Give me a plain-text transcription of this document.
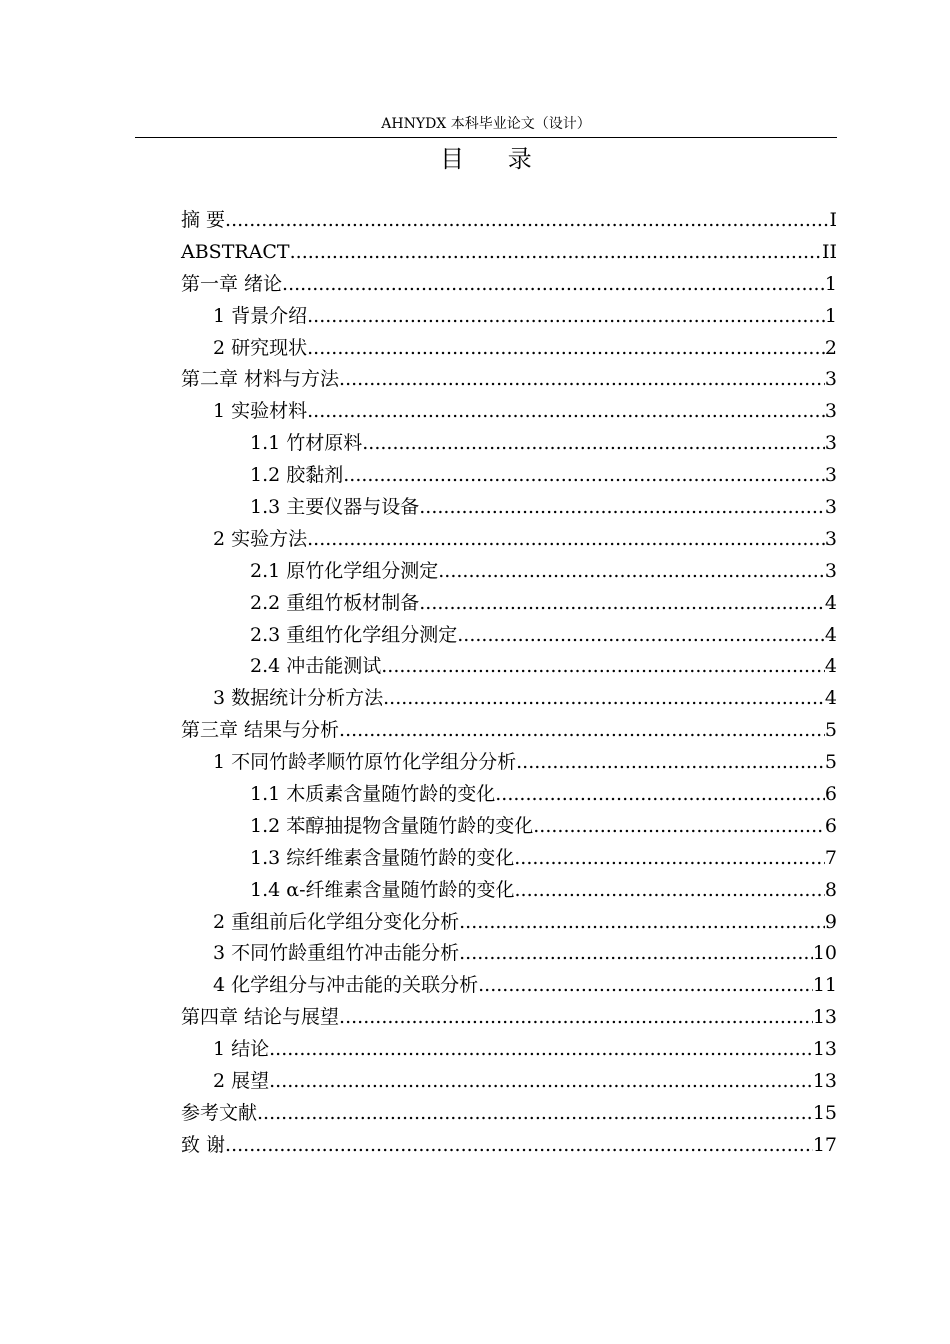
AHNYDX 本科毕业论文（设计）
目 录
摘 要 .....	I
ABSTRACT .....	II
第一章 绪论 .....	1
1 背景介绍 .....	1
2 研究现状 .....	2
第二章 材料与方法 .....	3
1 实验材料 .....	3
1.1 竹材原料 .....	3
1.2 胶黏剂 .....	3
1.3 主要仪器与设备 .....	3
2 实验方法 .....	3
2.1 原竹化学组分测定 .....	3
2.2 重组竹板材制备 .....	4
2.3 重组竹化学组分测定 .....	4
2.4 冲击能测试 .....	4
3 数据统计分析方法 .....	4
第三章 结果与分析 .....	5
1 不同竹龄孝顺竹原竹化学组分分析 .....	5
1.1 木质素含量随竹龄的变化 .....	6
1.2 苯醇抽提物含量随竹龄的变化 .....	6
1.3 综纤维素含量随竹龄的变化 .....	7
1.4 α-纤维素含量随竹龄的变化 .....	8
2 重组前后化学组分变化分析 .....	9
3 不同竹龄重组竹冲击能分析 .....	10
4 化学组分与冲击能的关联分析 .....	11
第四章 结论与展望 .....	13
1 结论 .....	13
2 展望 .....	13
参考文献 .....	15
致 谢 .....	17
